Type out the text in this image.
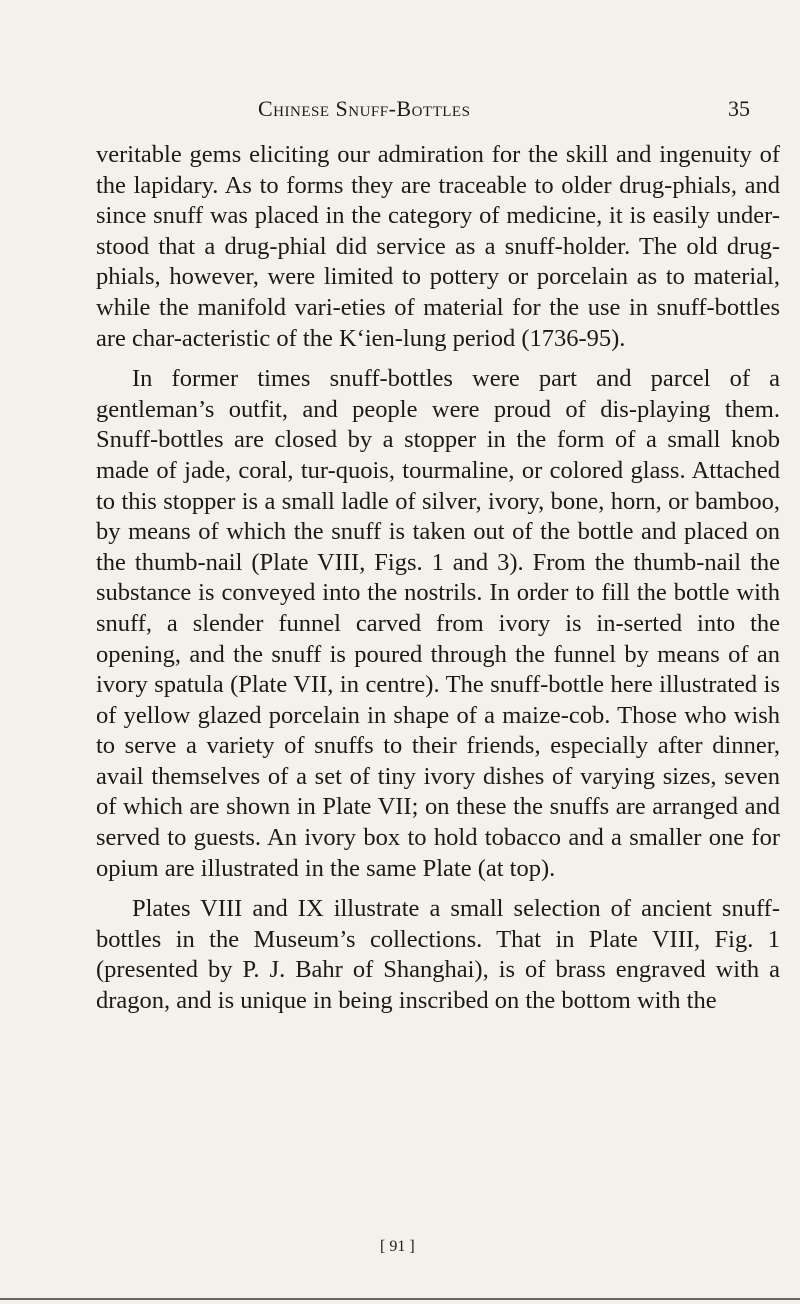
Chinese Snuff-Bottles	35

veritable gems eliciting our admiration for the skill and ingenuity of the lapidary. As to forms they are traceable to older drug-phials, and since snuff was placed in the category of medicine, it is easily under-stood that a drug-phial did service as a snuff-holder. The old drug-phials, however, were limited to pottery or porcelain as to material, while the manifold vari-eties of material for the use in snuff-bottles are char-acteristic of the K‘ien-lung period (1736-95).

In former times snuff-bottles were part and parcel of a gentleman’s outfit, and people were proud of dis-playing them. Snuff-bottles are closed by a stopper in the form of a small knob made of jade, coral, tur-quois, tourmaline, or colored glass. Attached to this stopper is a small ladle of silver, ivory, bone, horn, or bamboo, by means of which the snuff is taken out of the bottle and placed on the thumb-nail (Plate VIII, Figs. 1 and 3). From the thumb-nail the substance is conveyed into the nostrils. In order to fill the bottle with snuff, a slender funnel carved from ivory is in-serted into the opening, and the snuff is poured through the funnel by means of an ivory spatula (Plate VII, in centre). The snuff-bottle here illustrated is of yellow glazed porcelain in shape of a maize-cob. Those who wish to serve a variety of snuffs to their friends, especially after dinner, avail themselves of a set of tiny ivory dishes of varying sizes, seven of which are shown in Plate VII; on these the snuffs are arranged and served to guests. An ivory box to hold tobacco and a smaller one for opium are illustrated in the same Plate (at top).

Plates VIII and IX illustrate a small selection of ancient snuff-bottles in the Museum’s collections. That in Plate VIII, Fig. 1 (presented by P. J. Bahr of Shanghai), is of brass engraved with a dragon, and is unique in being inscribed on the bottom with the

[ 91 ]
